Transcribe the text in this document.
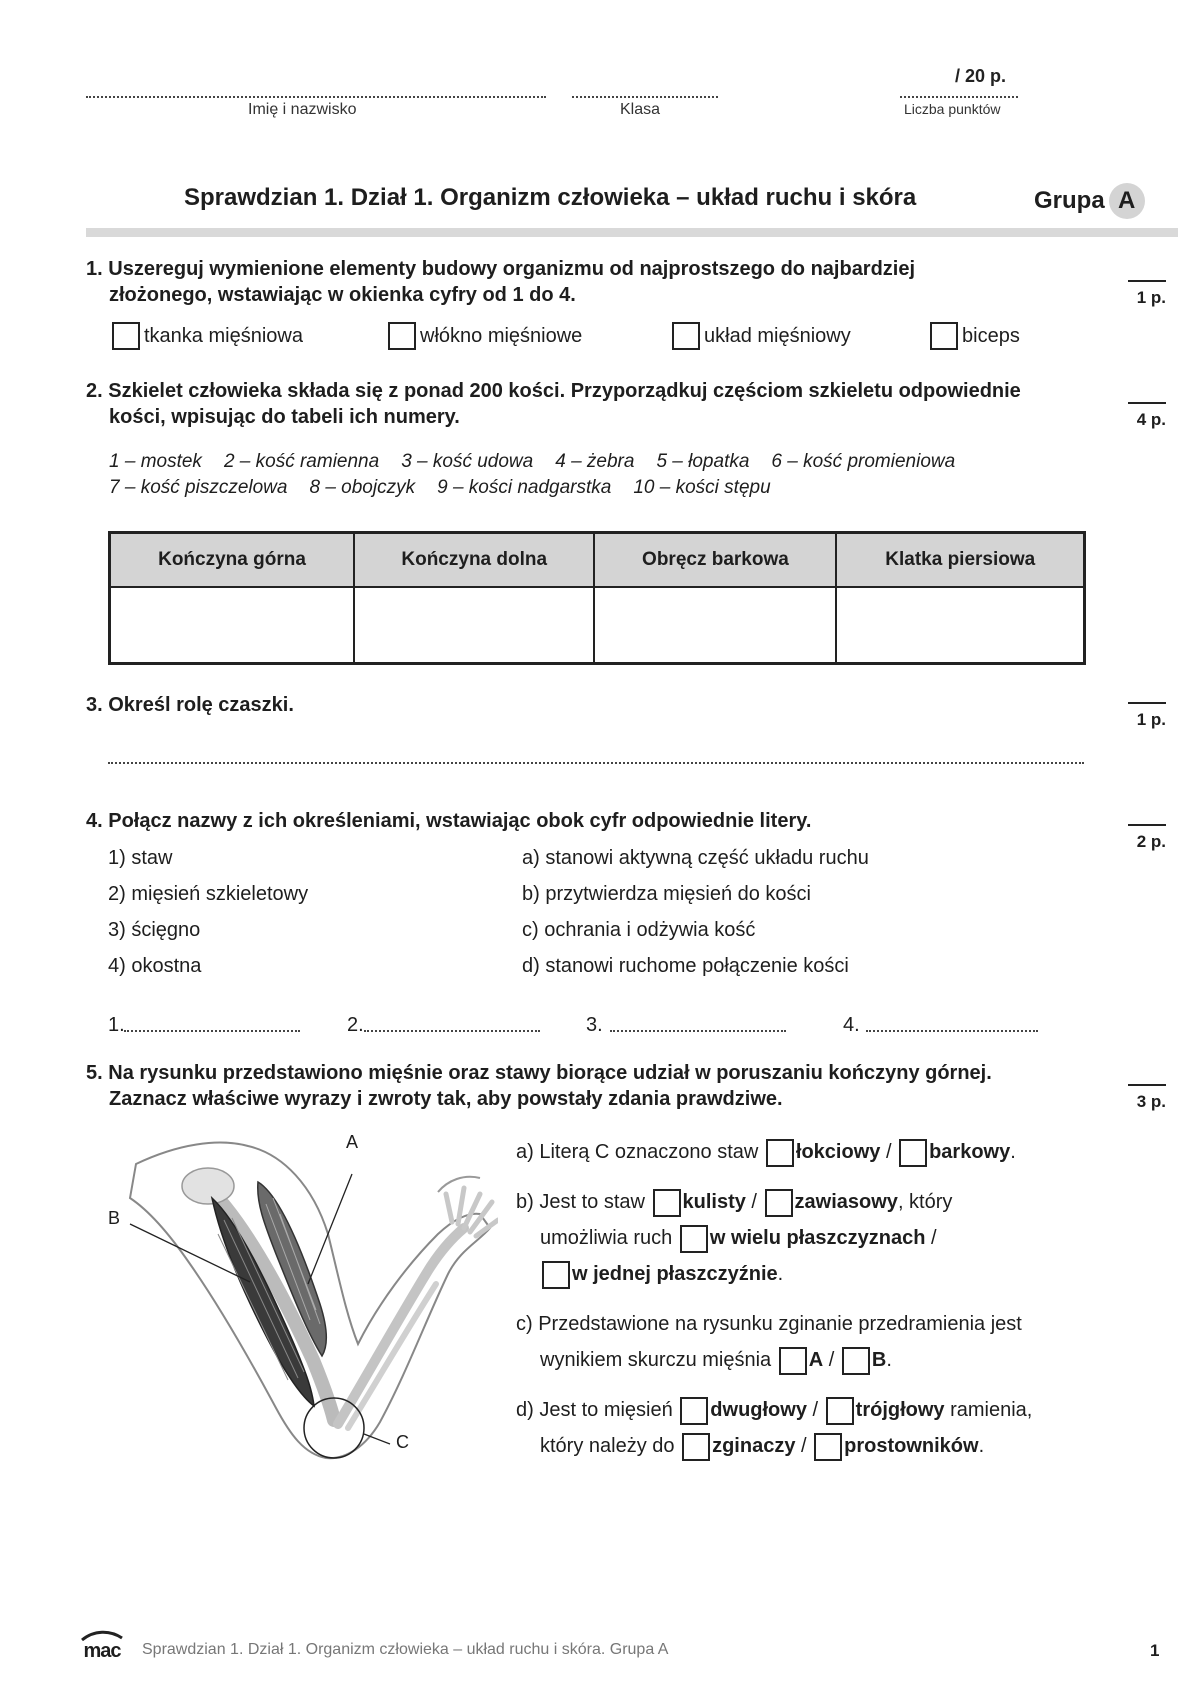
/ 20 p.
Imię i nazwisko	Klasa	Liczba punktów
Sprawdzian 1. Dział 1. Organizm człowieka – układ ruchu i skóra	Grupa A
1. Uszereguj wymienione elementy budowy organizmu od najprostszego do najbardziej
złożonego, wstawiając w okienka cyfry od 1 do 4.	1 p.
tkanka mięśniowa	włókno mięśniowe	układ mięśniowy	biceps
2. Szkielet człowieka składa się z ponad 200 kości. Przyporządkuj częściom szkieletu odpowiednie
kości, wpisując do tabeli ich numery.	4 p.
1 – mostek 2 – kość ramienna 3 – kość udowa 4 – żebra 5 – łopatka 6 – kość promieniowa
7 – kość piszczelowa 8 – obojczyk 9 – kości nadgarstka 10 – kości stępu
Kończyna górna	Kończyna dolna	Obręcz barkowa	Klatka piersiowa

3. Określ rolę czaszki.
1 p.
4. Połącz nazwy z ich określeniami, wstawiając obok cyfr odpowiednie litery.
2 p.
1) staw
2) mięsień szkieletowy
3) ścięgno
4) okostna
a) stanowi aktywną część układu ruchu
b) przytwierdza mięsień do kości
c) ochrania i odżywia kość
d) stanowi ruchome połączenie kości
1.	2.	3.	4.
5. Na rysunku przedstawiono mięśnie oraz stawy biorące udział w poruszaniu kończyny górnej.
Zaznacz właściwe wyrazy i zwroty tak, aby powstały zdania prawdziwe.	3 p.
A
B
C
a) Literą C oznaczono staw łokciowy / barkowy.
b) Jest to staw kulisty / zawiasowy, który
umożliwia ruch w wielu płaszczyznach /
w jednej płaszczyźnie.
c) Przedstawione na rysunku zginanie przedramienia jest
wynikiem skurczu mięśnia A / B.
d) Jest to mięsień dwugłowy / trójgłowy ramienia,
który należy do zginaczy / prostowników.
mac Sprawdzian 1. Dział 1. Organizm człowieka – układ ruchu i skóra. Grupa A	1
